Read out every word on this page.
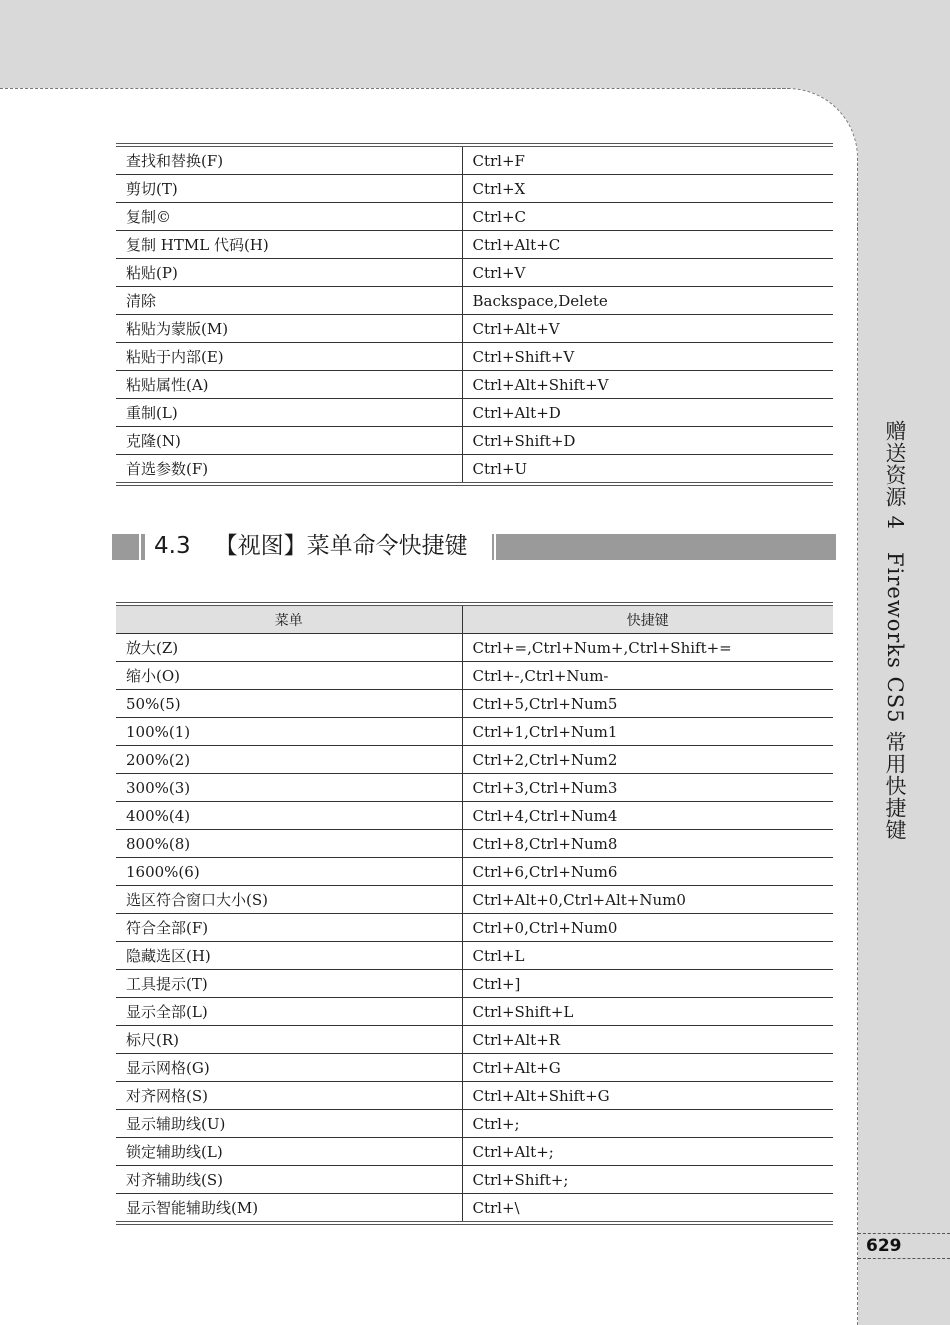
查找和替换(F)	Ctrl+F
剪切(T)	Ctrl+X
复制©	Ctrl+C
复制 HTML 代码(H)	Ctrl+Alt+C
粘贴(P)	Ctrl+V
清除	Backspace,Delete
粘贴为蒙版(M)	Ctrl+Alt+V
粘贴于内部(E)	Ctrl+Shift+V
粘贴属性(A)	Ctrl+Alt+Shift+V
重制(L)	Ctrl+Alt+D
克隆(N)	Ctrl+Shift+D
首选参数(F)	Ctrl+U
4.3 【视图】菜单命令快捷键
菜单	快捷键
放大(Z)	Ctrl+=,Ctrl+Num+,Ctrl+Shift+=
缩小(O)	Ctrl+-,Ctrl+Num-
50%(5)	Ctrl+5,Ctrl+Num5
100%(1)	Ctrl+1,Ctrl+Num1
200%(2)	Ctrl+2,Ctrl+Num2
300%(3)	Ctrl+3,Ctrl+Num3
400%(4)	Ctrl+4,Ctrl+Num4
800%(8)	Ctrl+8,Ctrl+Num8
1600%(6)	Ctrl+6,Ctrl+Num6
选区符合窗口大小(S)	Ctrl+Alt+0,Ctrl+Alt+Num0
符合全部(F)	Ctrl+0,Ctrl+Num0
隐藏选区(H)	Ctrl+L
工具提示(T)	Ctrl+]
显示全部(L)	Ctrl+Shift+L
标尺(R)	Ctrl+Alt+R
显示网格(G)	Ctrl+Alt+G
对齐网格(S)	Ctrl+Alt+Shift+G
显示辅助线(U)	Ctrl+;
锁定辅助线(L)	Ctrl+Alt+;
对齐辅助线(S)	Ctrl+Shift+;
显示智能辅助线(M)	Ctrl+\
赠送资源 4　Fireworks CS5 常用快捷键
629
